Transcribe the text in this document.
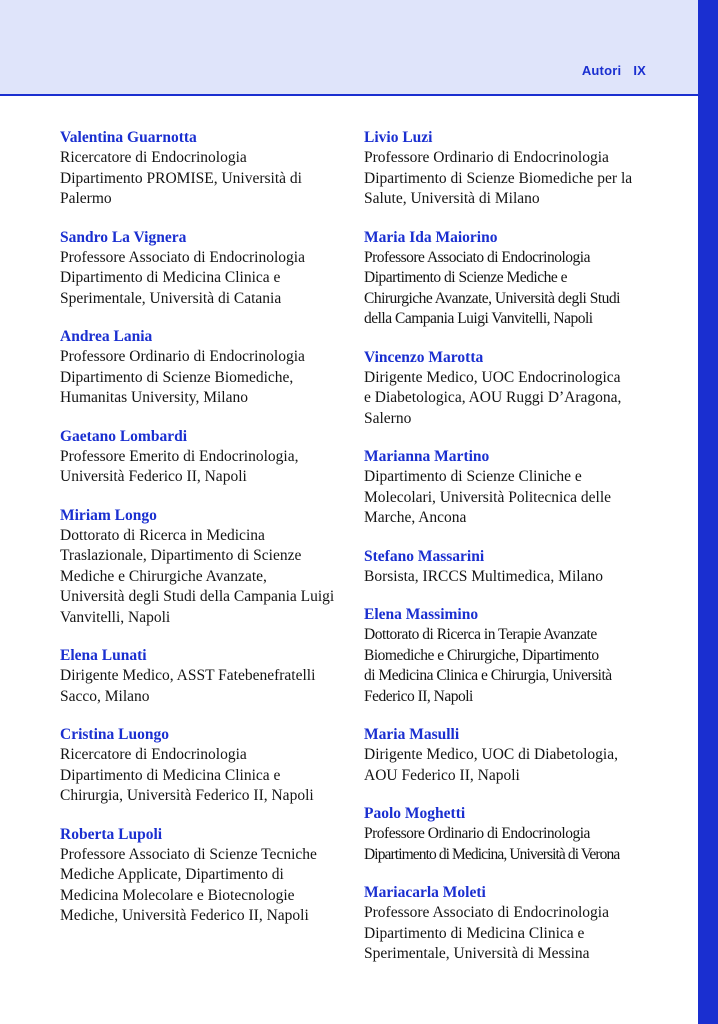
Autori IX
Valentina Guarnotta
Ricercatore di Endocrinologia
Dipartimento PROMISE, Università di
Palermo
Sandro La Vignera
Professore Associato di Endocrinologia
Dipartimento di Medicina Clinica e
Sperimentale, Università di Catania
Andrea Lania
Professore Ordinario di Endocrinologia
Dipartimento di Scienze Biomediche,
Humanitas University, Milano
Gaetano Lombardi
Professore Emerito di Endocrinologia,
Università Federico II, Napoli
Miriam Longo
Dottorato di Ricerca in Medicina
Traslazionale, Dipartimento di Scienze
Mediche e Chirurgiche Avanzate,
Università degli Studi della Campania Luigi
Vanvitelli, Napoli
Elena Lunati
Dirigente Medico, ASST Fatebenefratelli
Sacco, Milano
Cristina Luongo
Ricercatore di Endocrinologia
Dipartimento di Medicina Clinica e
Chirurgia, Università Federico II, Napoli
Roberta Lupoli
Professore Associato di Scienze Tecniche
Mediche Applicate, Dipartimento di
Medicina Molecolare e Biotecnologie
Mediche, Università Federico II, Napoli
Livio Luzi
Professore Ordinario di Endocrinologia
Dipartimento di Scienze Biomediche per la
Salute, Università di Milano
Maria Ida Maiorino
Professore Associato di Endocrinologia
Dipartimento di Scienze Mediche e
Chirurgiche Avanzate, Università degli Studi
della Campania Luigi Vanvitelli, Napoli
Vincenzo Marotta
Dirigente Medico, UOC Endocrinologica
e Diabetologica, AOU Ruggi D’Aragona,
Salerno
Marianna Martino
Dipartimento di Scienze Cliniche e
Molecolari, Università Politecnica delle
Marche, Ancona
Stefano Massarini
Borsista, IRCCS Multimedica, Milano
Elena Massimino
Dottorato di Ricerca in Terapie Avanzate
Biomediche e Chirurgiche, Dipartimento
di Medicina Clinica e Chirurgia, Università
Federico II, Napoli
Maria Masulli
Dirigente Medico, UOC di Diabetologia,
AOU Federico II, Napoli
Paolo Moghetti
Professore Ordinario di Endocrinologia
Dipartimento di Medicina, Università di Verona
Mariacarla Moleti
Professore Associato di Endocrinologia
Dipartimento di Medicina Clinica e
Sperimentale, Università di Messina
